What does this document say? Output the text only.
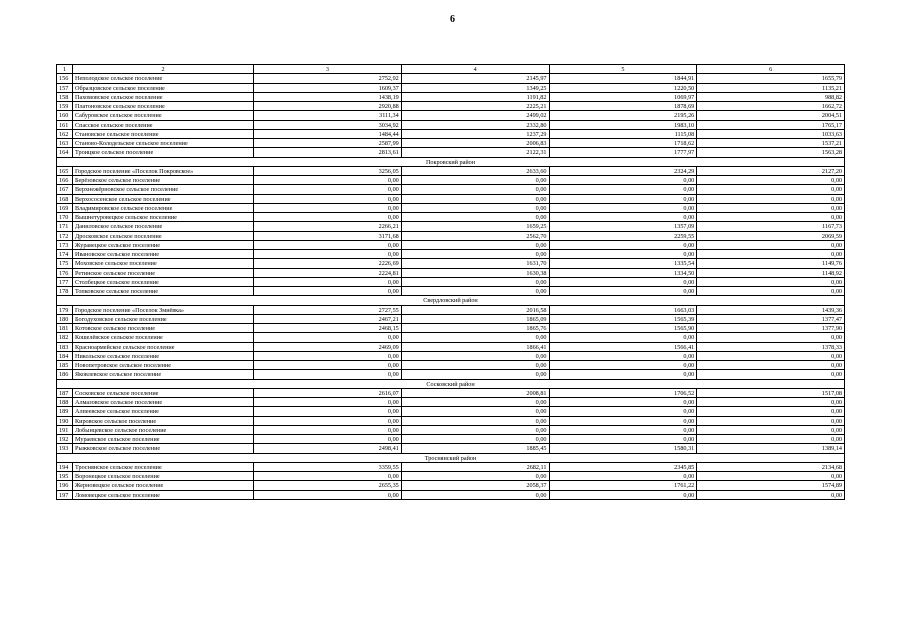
6
1	2	3	4	5	6
156	Неполодское сельское поселение	2752,92	2145,97	1844,91	1655,79
157	Образцовское сельское поселение	1609,37	1349,25	1220,50	1135,21
158	Пахомовское сельское поселение	1438,19	1191,82	1069,97	988,82
159	Платоновское сельское поселение	2920,88	2225,21	1878,69	1662,72
160	Сабуровское сельское поселение	3111,34	2499,02	2195,26	2004,51
161	Спасское сельское поселение	3034,92	2332,80	1983,10	1765,17
162	Становское сельское поселение	1484,44	1237,29	1115,08	1033,63
163	Станово-Колодезьское сельское поселение	2587,99	2006,83	1718,62	1537,21
164	Троицкое сельское поселение	2813,61	2122,31	1777,97	1563,28
Покровский район					
165	Городское поселение «Поселок Покровское»	3256,05	2633,60	2324,29	2127,20
166	Берёзовское сельское поселение	0,00	0,00	0,00	0,00
167	Верхнежёрновское сельское поселение	0,00	0,00	0,00	0,00
168	Верхососенское сельское поселение	0,00	0,00	0,00	0,00
169	Владимировское сельское поселение	0,00	0,00	0,00	0,00
170	Вышнетуровецкое сельское поселение	0,00	0,00	0,00	0,00
171	Даниловское сельское поселение	2266,21	1659,25	1357,09	1167,73
172	Дросковское сельское поселение	3171,68	2562,70	2259,55	2069,59
173	Журавецкое сельское поселение	0,00	0,00	0,00	0,00
174	Ивановское сельское поселение	0,00	0,00	0,00	0,00
175	Моховское сельское поселение	2226,69	1631,70	1335,54	1149,76
176	Ретинское сельское поселение	2224,81	1630,38	1334,50	1148,92
177	Столбецкое сельское поселение	0,00	0,00	0,00	0,00
178	Топковское сельское поселение	0,00	0,00	0,00	0,00
Свердловский район					
179	Городское поселение «Поселок Змиёвка»	2727,55	2016,58	1663,03	1439,36
180	Богодуховское сельское поселение	2467,21	1865,09	1565,39	1377,47
181	Котовское сельское поселение	2468,15	1865,76	1565,90	1377,90
182	Кошелёвское сельское поселение	0,00	0,00	0,00	0,00
183	Красноармейское сельское поселение	2469,09	1866,41	1566,41	1378,33
184	Никольское сельское поселение	0,00	0,00	0,00	0,00
185	Новопетровское сельское поселение	0,00	0,00	0,00	0,00
186	Яковлевское сельское поселение	0,00	0,00	0,00	0,00
Сосковский район					
187	Сосковское сельское поселение	2616,07	2008,81	1706,52	1517,08
188	Алмазовское сельское поселение	0,00	0,00	0,00	0,00
189	Алпеевское сельское поселение	0,00	0,00	0,00	0,00
190	Кировское сельское поселение	0,00	0,00	0,00	0,00
191	Лобынцевское сельское поселение	0,00	0,00	0,00	0,00
192	Мураевское сельское поселение	0,00	0,00	0,00	0,00
193	Рыжковское сельское поселение	2498,41	1885,45	1580,31	1389,14
Троснянский район					
194	Троснянское сельское поселение	3359,55	2682,11	2345,85	2134,68
195	Воронецкое сельское поселение	0,00	0,00	0,00	0,00
196	Жерновецкое сельское поселение	2655,35	2058,37	1761,22	1574,89
197	Ломовецкое сельское поселение	0,00	0,00	0,00	0,00
